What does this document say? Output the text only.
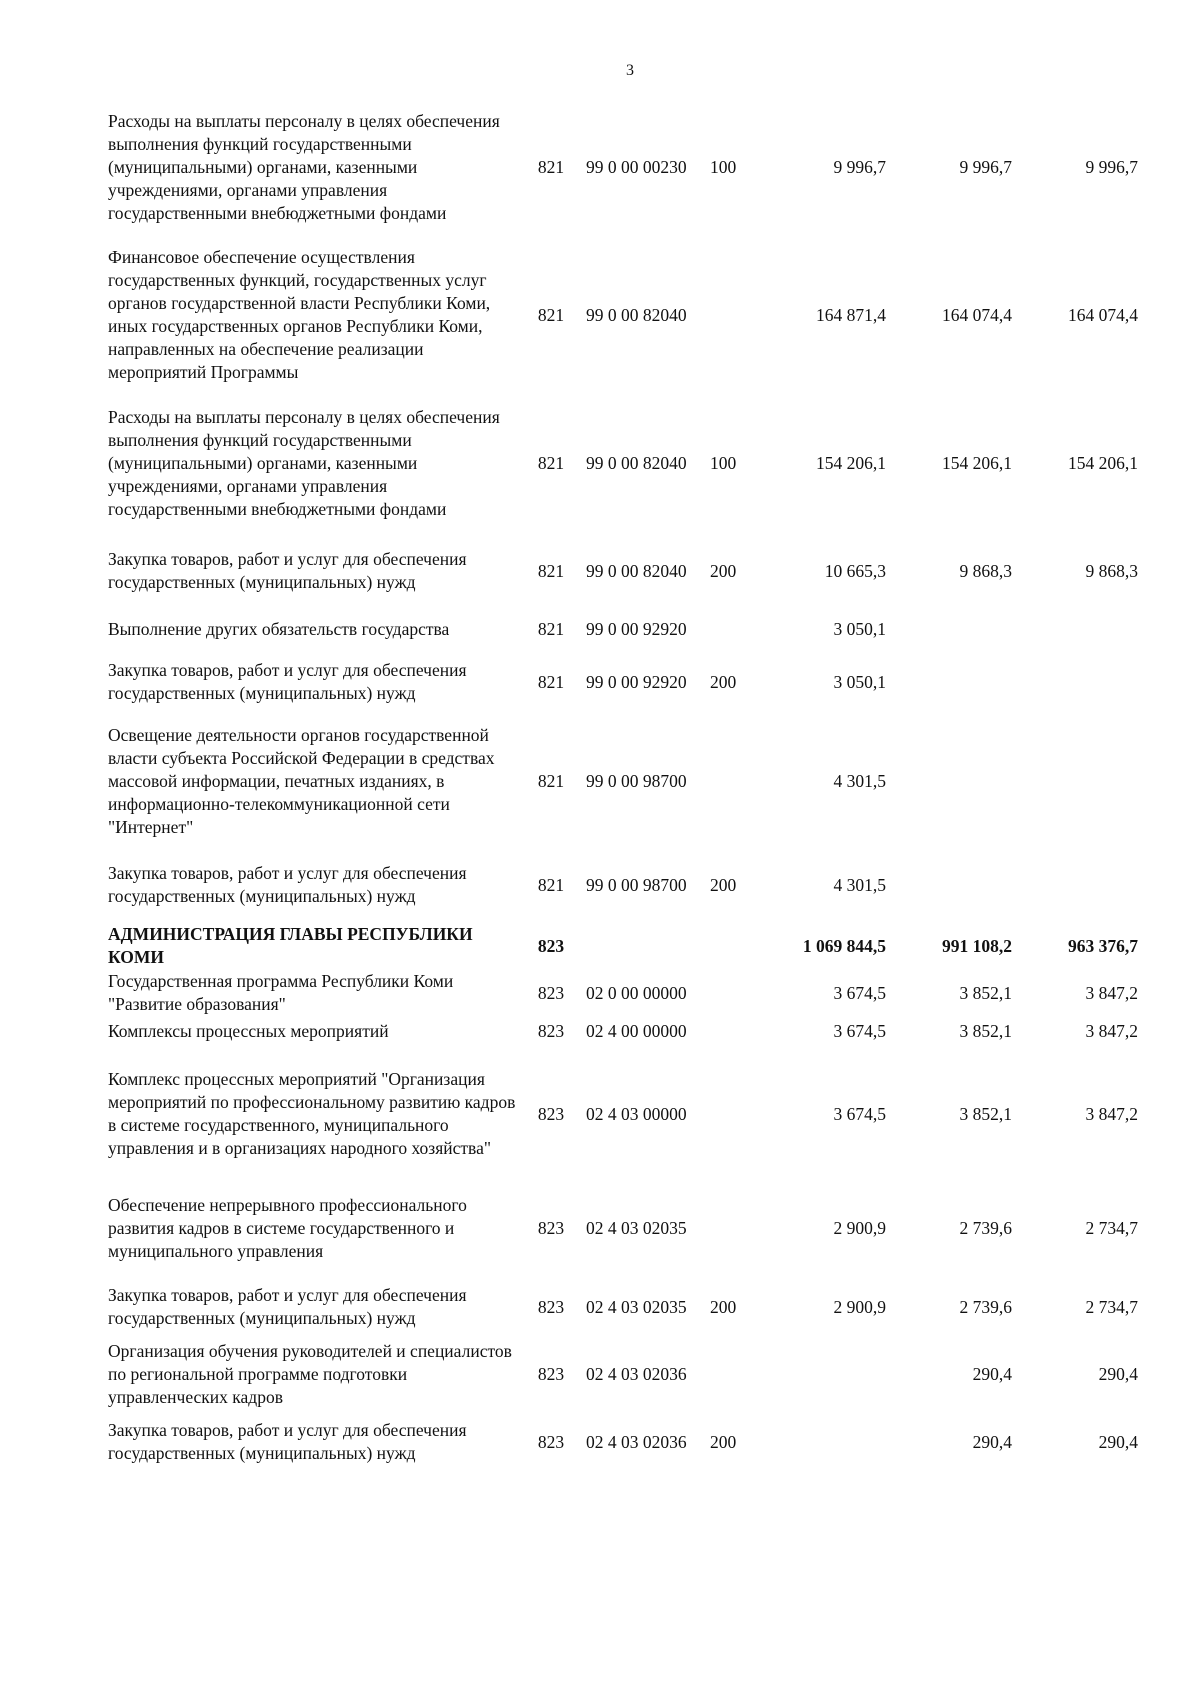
3
Расходы на выплаты персоналу в целях обеспечения выполнения функций государственными (муниципальными) органами, казенными учреждениями, органами управления государственными внебюджетными фондами	821	99 0 00 00230	100	9 996,7	9 996,7	9 996,7
Финансовое обеспечение осуществления государственных функций, государственных услуг органов государственной власти Республики Коми, иных государственных органов Республики Коми, направленных на обеспечение реализации мероприятий Программы	821	99 0 00 82040		164 871,4	164 074,4	164 074,4
Расходы на выплаты персоналу в целях обеспечения выполнения функций государственными (муниципальными) органами, казенными учреждениями, органами управления государственными внебюджетными фондами	821	99 0 00 82040	100	154 206,1	154 206,1	154 206,1
Закупка товаров, работ и услуг для обеспечения государственных (муниципальных) нужд	821	99 0 00 82040	200	10 665,3	9 868,3	9 868,3
Выполнение других обязательств государства	821	99 0 00 92920		3 050,1		
Закупка товаров, работ и услуг для обеспечения государственных (муниципальных) нужд	821	99 0 00 92920	200	3 050,1		
Освещение деятельности органов государственной власти субъекта Российской Федерации в средствах массовой информации, печатных изданиях, в информационно-телекоммуникационной сети "Интернет"	821	99 0 00 98700		4 301,5		
Закупка товаров, работ и услуг для обеспечения государственных (муниципальных) нужд	821	99 0 00 98700	200	4 301,5		
АДМИНИСТРАЦИЯ ГЛАВЫ РЕСПУБЛИКИ КОМИ	823			1 069 844,5	991 108,2	963 376,7
Государственная программа Республики Коми "Развитие образования"	823	02 0 00 00000		3 674,5	3 852,1	3 847,2
Комплексы процессных мероприятий	823	02 4 00 00000		3 674,5	3 852,1	3 847,2
Комплекс процессных мероприятий "Организация мероприятий по профессиональному развитию кадров в системе государственного, муниципального управления и в организациях народного хозяйства"	823	02 4 03 00000		3 674,5	3 852,1	3 847,2
Обеспечение непрерывного профессионального развития кадров в системе государственного и муниципального управления	823	02 4 03 02035		2 900,9	2 739,6	2 734,7
Закупка товаров, работ и услуг для обеспечения государственных (муниципальных) нужд	823	02 4 03 02035	200	2 900,9	2 739,6	2 734,7
Организация обучения руководителей и специалистов по региональной программе подготовки управленческих кадров	823	02 4 03 02036			290,4	290,4
Закупка товаров, работ и услуг для обеспечения государственных (муниципальных) нужд	823	02 4 03 02036	200		290,4	290,4
